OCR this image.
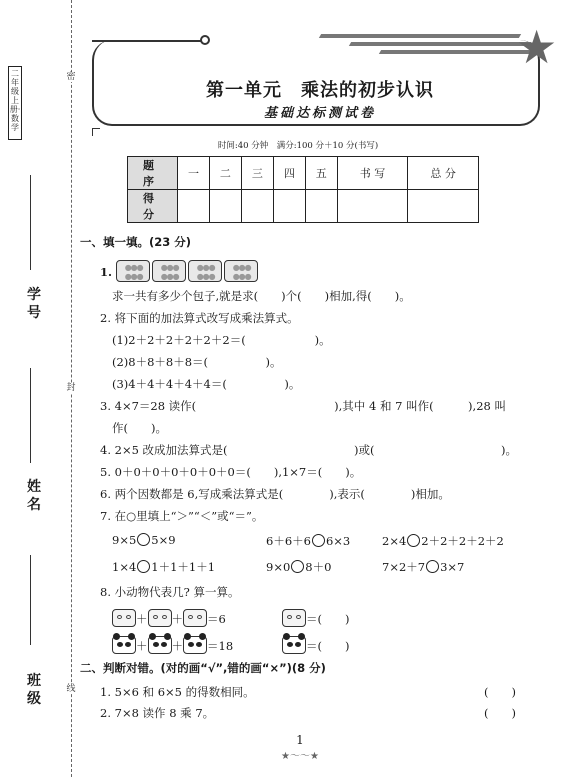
二年级上册·数学
密
封
线
学号
姓名
班级
★
第一单元　乘法的初步认识
基础达标测试卷
时间:40 分钟　满分:100 分＋10 分(书写)
题 序	一	二	三	四	五	书 写	总 分
得 分							
一、填一填。(23 分)
1. ●●● ●●●●●● ●●●●●● ●●●●●● ●●●
求一共有多少个包子,就是求(　　)个(　　)相加,得(　　)。
2. 将下面的加法算式改写成乘法算式。
(1)2＋2＋2＋2＋2＋2＝(　　　　　　)。
(2)8＋8＋8＋8＝(　　　　　)。
(3)4＋4＋4＋4＋4＝(　　　　　)。
3. 4×7＝28 读作(　　　　　　　　　　　　),其中 4 和 7 叫作(　　　),28 叫
作(　　)。
4. 2×5 改成加法算式是(　　　　　　　　　　　)或(　　　　　　　　　　　)。
5. 0＋0＋0＋0＋0＋0＋0＝(　　),1×7＝(　　)。
6. 两个因数都是 6,写成乘法算式是(　　　　),表示(　　　　)相加。
7. 在○里填上“＞”“＜”或“＝”。
9×5 5×9	6＋6＋6 6×3	2×4 2＋2＋2＋2＋2
1×4 1＋1＋1＋1	9×0 8＋0	7×2＋7 3×7
8. 小动物代表几? 算一算。
＋ ＋ ＝6	＝(　　)
＋ ＋ ＝18	＝(　　)
二、判断对错。(对的画“√”,错的画“×”)(8 分)
1. 5×6 和 6×5 的得数相同。	(　　)
2. 7×8 读作 8 乘 7。	(　　)
1
★～～★
